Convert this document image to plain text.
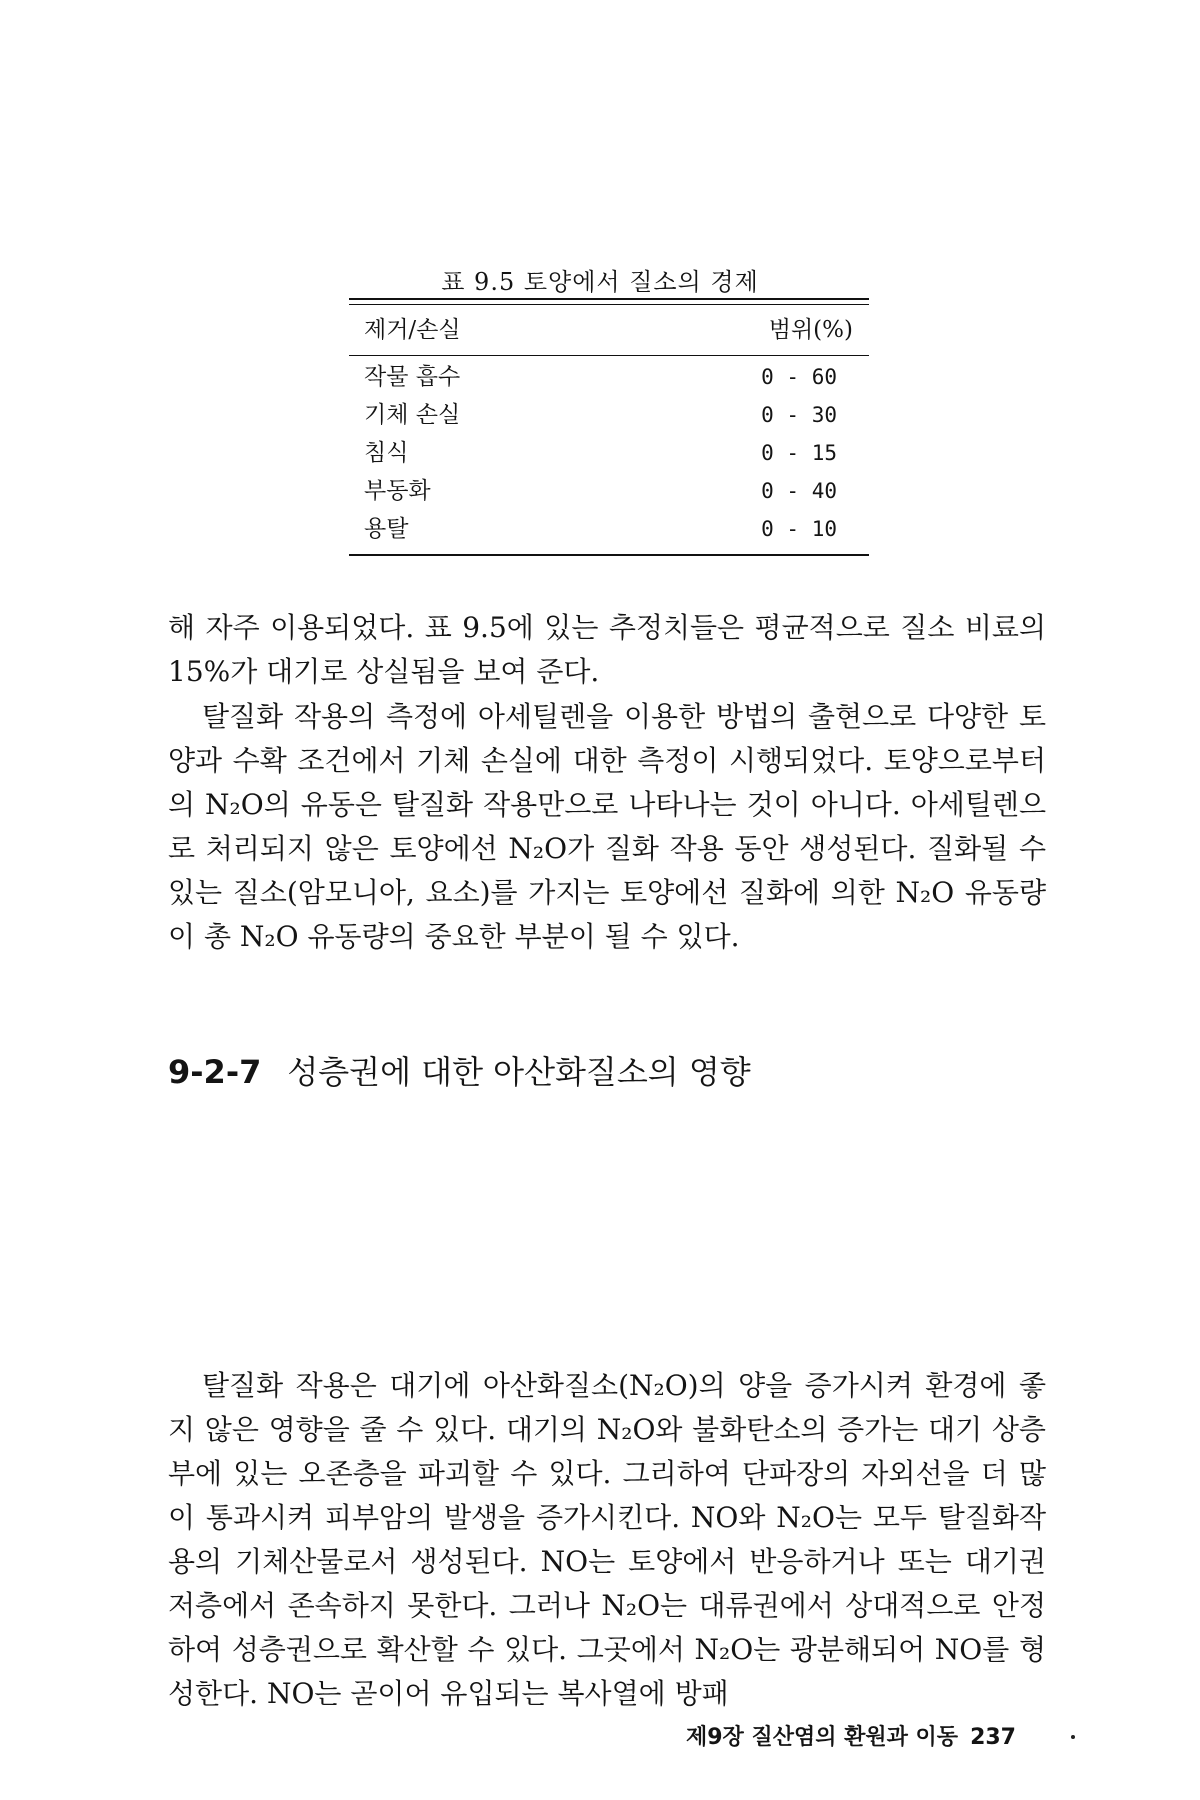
표 9.5 토양에서 질소의 경제
제거/손실	범위(%)
작물 흡수	0 - 60
기체 손실	0 - 30
침식	0 - 15
부동화	0 - 40
용탈	0 - 10

해 자주 이용되었다. 표 9.5에 있는 추정치들은 평균적으로 질소 비료의 15%가 대기로 상실됨을 보여 준다.

탈질화 작용의 측정에 아세틸렌을 이용한 방법의 출현으로 다양한 토양과 수확 조건에서 기체 손실에 대한 측정이 시행되었다. 토양으로부터의 N₂O의 유동은 탈질화 작용만으로 나타나는 것이 아니다. 아세틸렌으로 처리되지 않은 토양에선 N₂O가 질화 작용 동안 생성된다. 질화될 수 있는 질소(암모니아, 요소)를 가지는 토양에선 질화에 의한 N₂O 유동량이 총 N₂O 유동량의 중요한 부분이 될 수 있다.

9-2-7 성층권에 대한 아산화질소의 영향

탈질화 작용은 대기에 아산화질소(N₂O)의 양을 증가시켜 환경에 좋지 않은 영향을 줄 수 있다. 대기의 N₂O와 불화탄소의 증가는 대기 상층부에 있는 오존층을 파괴할 수 있다. 그리하여 단파장의 자외선을 더 많이 통과시켜 피부암의 발생을 증가시킨다. NO와 N₂O는 모두 탈질화작용의 기체산물로서 생성된다. NO는 토양에서 반응하거나 또는 대기권 저층에서 존속하지 못한다. 그러나 N₂O는 대류권에서 상대적으로 안정하여 성층권으로 확산할 수 있다. 그곳에서 N₂O는 광분해되어 NO를 형성한다. NO는 곧이어 유입되는 복사열에 방패

제9장 질산염의 환원과 이동 237
